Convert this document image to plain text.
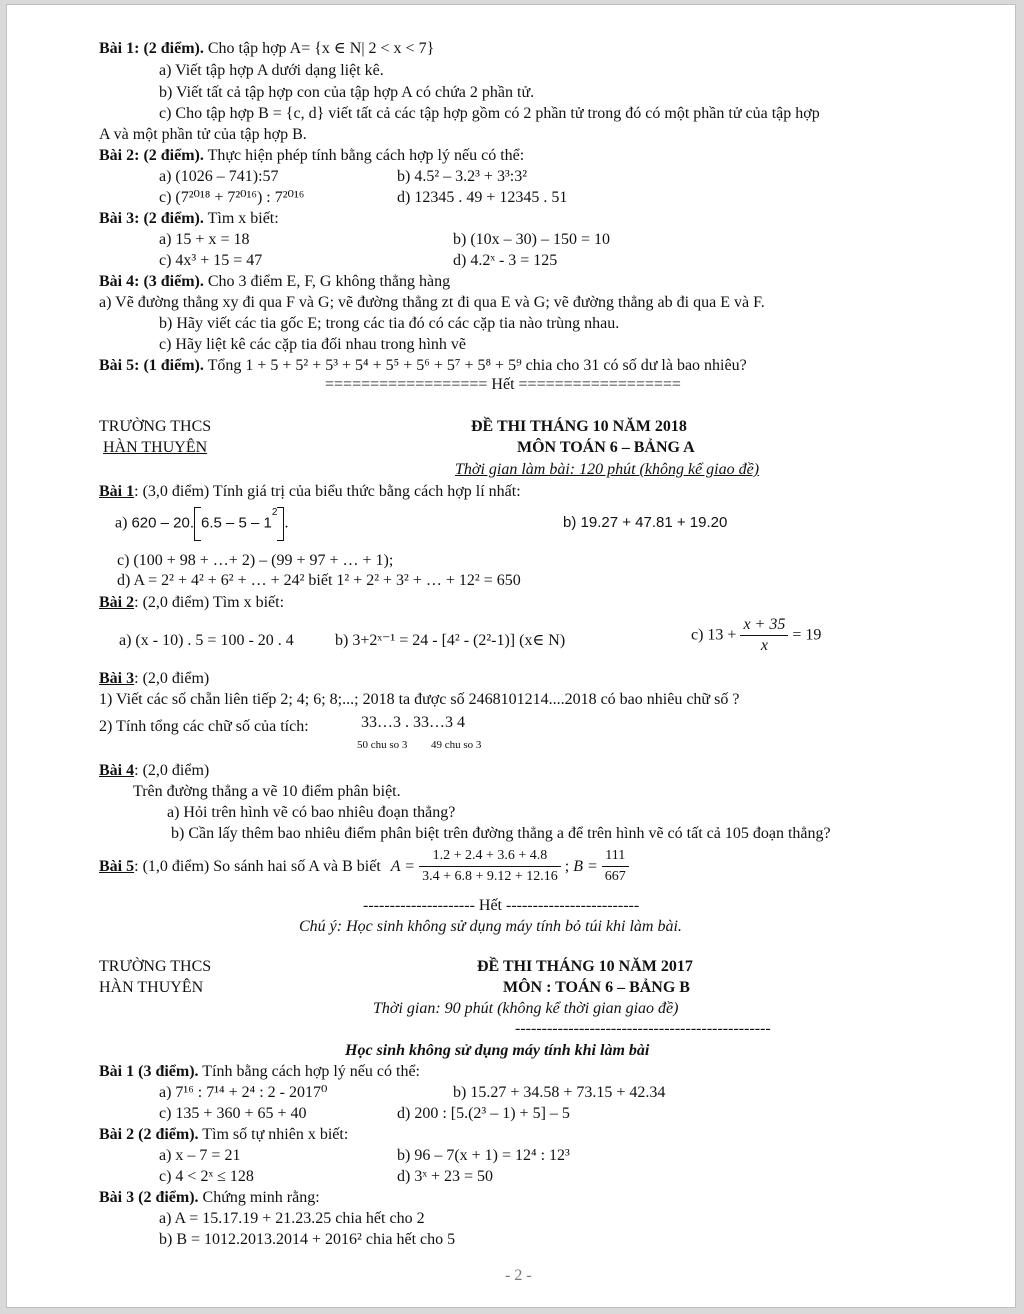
Bài 1: (2 điểm). Cho tập hợp A= {x ∈ N| 2 < x < 7}
a) Viết tập hợp A dưới dạng liệt kê.
b) Viết tất cả tập hợp con của tập hợp A có chứa 2 phần tử.
c) Cho tập hợp B = {c, d} viết tất cả các tập hợp gồm có 2 phần tử trong đó có một phần tử của tập hợp
A và một phần tử của tập hợp B.
Bài 2: (2 điểm). Thực hiện phép tính bằng cách hợp lý nếu có thể:
a) (1026 – 741):57	b) 4.5² – 3.2³ + 3³:3²
c) (7²⁰¹⁸ + 7²⁰¹⁶) : 7²⁰¹⁶	d) 12345 . 49 + 12345 . 51
Bài 3: (2 điểm). Tìm x biết:
a) 15 + x = 18	b) (10x – 30) – 150 = 10
c) 4x³ + 15 = 47	d) 4.2ˣ - 3 = 125
Bài 4: (3 điểm). Cho 3 điểm E, F, G không thẳng hàng
a) Vẽ đường thẳng xy đi qua F và G; vẽ đường thẳng zt đi qua E và G; vẽ đường thẳng ab đi qua E và F.
b) Hãy viết các tia gốc E; trong các tia đó có các cặp tia nào trùng nhau.
c) Hãy liệt kê các cặp tia đối nhau trong hình vẽ
Bài 5: (1 điểm). Tổng 1 + 5 + 5² + 5³ + 5⁴ + 5⁵ + 5⁶ + 5⁷ + 5⁸ + 5⁹ chia cho 31 có số dư là bao nhiêu?
================== Hết ==================
TRƯỜNG THCS
HÀN THUYÊN
ĐỀ THI THÁNG 10 NĂM 2018
MÔN TOÁN 6 – BẢNG A
Thời gian làm bài: 120 phút (không kể giao đề)
Bài 1: (3,0 điểm) Tính giá trị của biểu thức bằng cách hợp lí nhất:
a) 620 – 20. $6.5 - 5 - 1^2$.	b) 19.27 + 47.81 + 19.20
c) (100 + 98 + …+ 2) – (99 + 97 + … + 1);
d) A = 2² + 4² + 6² + … + 24² biết 1² + 2² + 3² + … + 12² = 650
Bài 2: (2,0 điểm) Tìm x biết:
a) (x - 10) . 5 = 100 - 20 . 4	b) 3+2ˣ⁻¹ = 24 - [4² - (2²-1)] (x∈ N)	c) $13 + \frac{x + 35}{x} = 19$
Bài 3: (2,0 điểm)
1) Viết các số chẵn liên tiếp 2; 4; 6; 8;...; 2018 ta được số 2468101214....2018 có bao nhiêu chữ số ?
2) Tính tổng các chữ số của tích:	33…3 . 33…3 4
50 chu so 3 49 chu so 3
Bài 4: (2,0 điểm)
Trên đường thẳng a vẽ 10 điểm phân biệt.
a) Hỏi trên hình vẽ có bao nhiêu đoạn thẳng?
b) Cần lấy thêm bao nhiêu điểm phân biệt trên đường thẳng a để trên hình vẽ có tất cả 105 đoạn thẳng?
Bài 5: (1,0 điểm) So sánh hai số A và B biết $A = \frac{1.2 + 2.4 + 3.6 + 4.8}{3.4 + 6.8 + 9.12 + 12.16}$ ; $B = \frac{111}{667}$
--------------------- Hết -------------------------
Chú ý: Học sinh không sử dụng máy tính bỏ túi khi làm bài.
TRƯỜNG THCS
HÀN THUYÊN
ĐỀ THI THÁNG 10 NĂM 2017
MÔN : TOÁN 6 – BẢNG B
Thời gian: 90 phút (không kể thời gian giao đề)
------------------------------------------------
Học sinh không sử dụng máy tính khi làm bài
Bài 1 (3 điểm). Tính bằng cách hợp lý nếu có thể:
a) 7¹⁶ : 7¹⁴ + 2⁴ : 2 - 2017⁰	b) 15.27 + 34.58 + 73.15 + 42.34
c) 135 + 360 + 65 + 40	d) 200 : [5.(2³ – 1) + 5] – 5
Bài 2 (2 điểm). Tìm số tự nhiên x biết:
a) x – 7 = 21	b) 96 – 7(x + 1) = 12⁴ : 12³
c) 4 < 2ˣ ≤ 128	d) 3ˣ + 23 = 50
Bài 3 (2 điểm). Chứng minh rằng:
a) A = 15.17.19 + 21.23.25 chia hết cho 2
b) B = 1012.2013.2014 + 2016² chia hết cho 5
- 2 -
